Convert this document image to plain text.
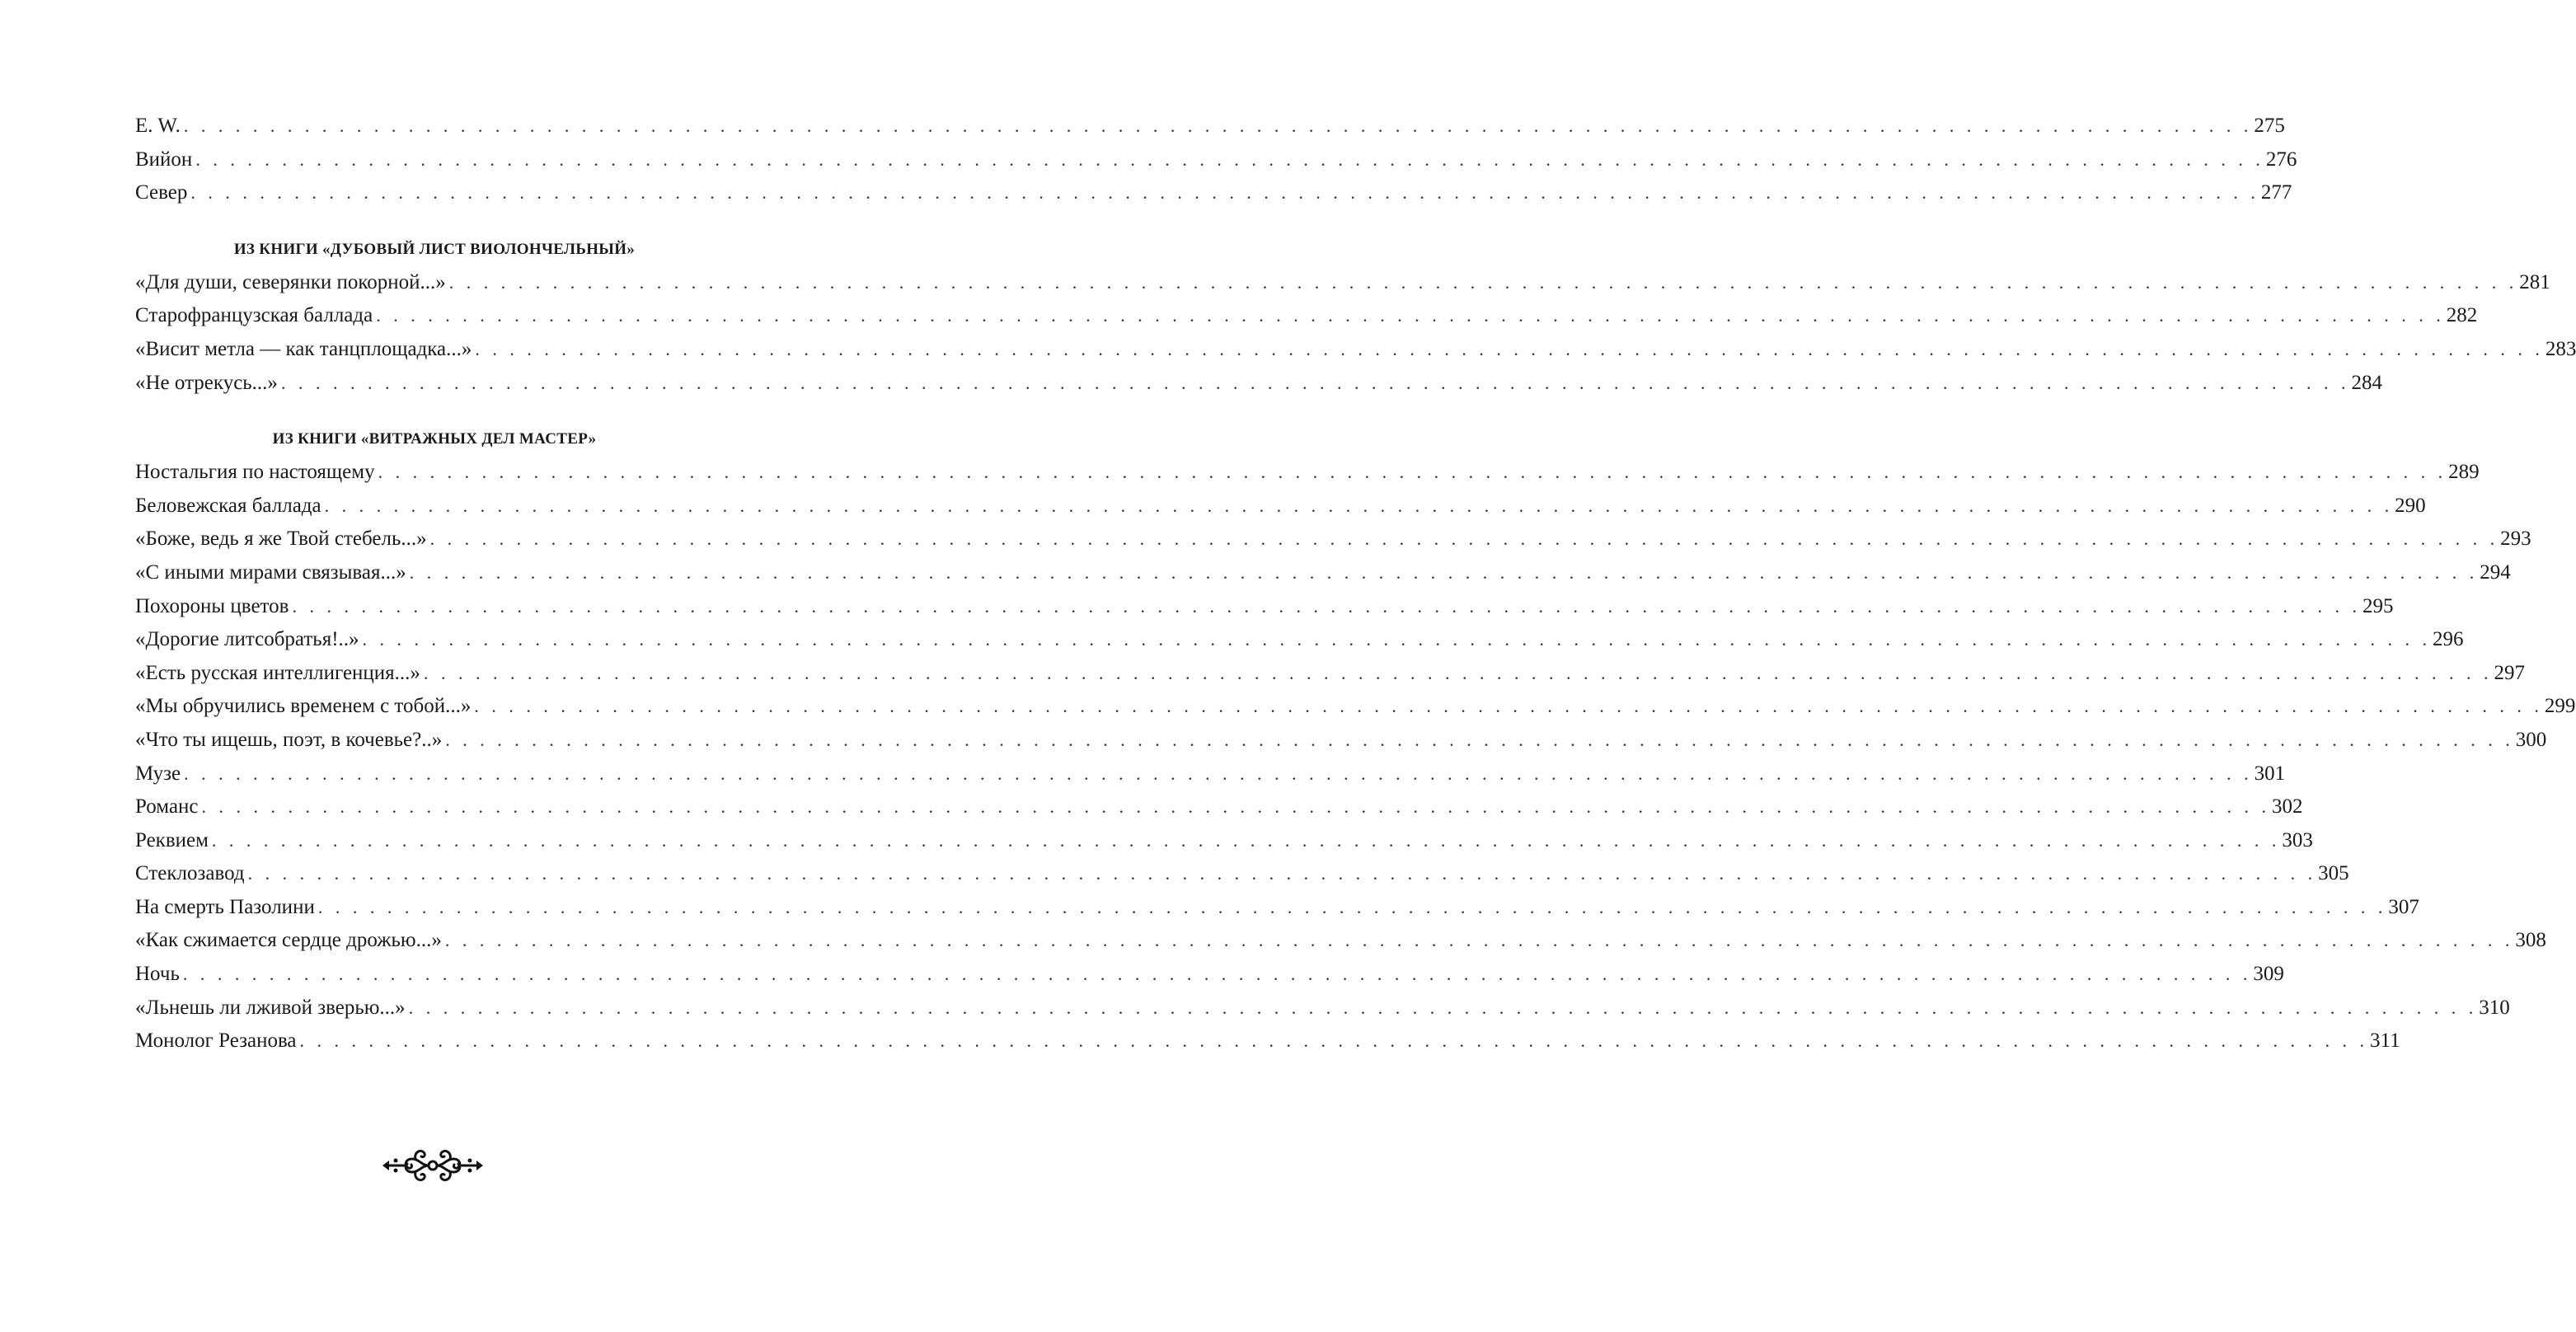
E. W. . . . . . . . . . . . . . . . . . . . . . . . . . . . . . . . . . . . . . . . . . . . . . . . . . . . . . . . . . . . . . . . . . . . . . . . . . . . . . . . . . . . . . . . . . . . . . . . . . . . . . . . . . . . . . . . . . . . . . . . . 275
Вийон . . . . . . . . . . . . . . . . . . . . . . . . . . . . . . . . . . . . . . . . . . . . . . . . . . . . . . . . . . . . . . . . . . . . . . . . . . . . . . . . . . . . . . . . . . . . . . . . . . . . . . . . . . . . . . . . . . . . . . . . 276
Север . . . . . . . . . . . . . . . . . . . . . . . . . . . . . . . . . . . . . . . . . . . . . . . . . . . . . . . . . . . . . . . . . . . . . . . . . . . . . . . . . . . . . . . . . . . . . . . . . . . . . . . . . . . . . . . . . . . . . . . . 277
ИЗ КНИГИ «ДУБОВЫЙ ЛИСТ ВИОЛОНЧЕЛЬНЫЙ»
«Для души, северянки покорной...» . . . . . . . . . . . . . . . . . . . . . . . . . . . . . . . . . . . . . . . . . . . . . . . . . . . . . . . . . . . . . . . . . . . . . . . . . . . . . . . . . . . . . . . . . . . . . . . . . . . . . . . . . . . . . . . . . . . . . . . . 281
Старофранцузская баллада . . . . . . . . . . . . . . . . . . . . . . . . . . . . . . . . . . . . . . . . . . . . . . . . . . . . . . . . . . . . . . . . . . . . . . . . . . . . . . . . . . . . . . . . . . . . . . . . . . . . . . . . . . . . . . . . . . . . . . . . 282
«Висит метла — как танцплощадка...» . . . . . . . . . . . . . . . . . . . . . . . . . . . . . . . . . . . . . . . . . . . . . . . . . . . . . . . . . . . . . . . . . . . . . . . . . . . . . . . . . . . . . . . . . . . . . . . . . . . . . . . . . . . . . . . . . . . . . . . . 283
«Не отрекусь...» . . . . . . . . . . . . . . . . . . . . . . . . . . . . . . . . . . . . . . . . . . . . . . . . . . . . . . . . . . . . . . . . . . . . . . . . . . . . . . . . . . . . . . . . . . . . . . . . . . . . . . . . . . . . . . . . . . . . . . . . 284
ИЗ КНИГИ «ВИТРАЖНЫХ ДЕЛ МАСТЕР»
Ностальгия по настоящему . . . . . . . . . . . . . . . . . . . . . . . . . . . . . . . . . . . . . . . . . . . . . . . . . . . . . . . . . . . . . . . . . . . . . . . . . . . . . . . . . . . . . . . . . . . . . . . . . . . . . . . . . . . . . . . . . . . . . . . . 289
Беловежская баллада . . . . . . . . . . . . . . . . . . . . . . . . . . . . . . . . . . . . . . . . . . . . . . . . . . . . . . . . . . . . . . . . . . . . . . . . . . . . . . . . . . . . . . . . . . . . . . . . . . . . . . . . . . . . . . . . . . . . . . . . 290
«Боже, ведь я же Твой стебель...» . . . . . . . . . . . . . . . . . . . . . . . . . . . . . . . . . . . . . . . . . . . . . . . . . . . . . . . . . . . . . . . . . . . . . . . . . . . . . . . . . . . . . . . . . . . . . . . . . . . . . . . . . . . . . . . . . . . . . . . . 293
«С иными мирами связывая...» . . . . . . . . . . . . . . . . . . . . . . . . . . . . . . . . . . . . . . . . . . . . . . . . . . . . . . . . . . . . . . . . . . . . . . . . . . . . . . . . . . . . . . . . . . . . . . . . . . . . . . . . . . . . . . . . . . . . . . . . 294
Похороны цветов . . . . . . . . . . . . . . . . . . . . . . . . . . . . . . . . . . . . . . . . . . . . . . . . . . . . . . . . . . . . . . . . . . . . . . . . . . . . . . . . . . . . . . . . . . . . . . . . . . . . . . . . . . . . . . . . . . . . . . . . 295
«Дорогие литсобратья!..» . . . . . . . . . . . . . . . . . . . . . . . . . . . . . . . . . . . . . . . . . . . . . . . . . . . . . . . . . . . . . . . . . . . . . . . . . . . . . . . . . . . . . . . . . . . . . . . . . . . . . . . . . . . . . . . . . . . . . . . . 296
«Есть русская интеллигенция...» . . . . . . . . . . . . . . . . . . . . . . . . . . . . . . . . . . . . . . . . . . . . . . . . . . . . . . . . . . . . . . . . . . . . . . . . . . . . . . . . . . . . . . . . . . . . . . . . . . . . . . . . . . . . . . . . . . . . . . . . 297
«Мы обручились временем с тобой...» . . . . . . . . . . . . . . . . . . . . . . . . . . . . . . . . . . . . . . . . . . . . . . . . . . . . . . . . . . . . . . . . . . . . . . . . . . . . . . . . . . . . . . . . . . . . . . . . . . . . . . . . . . . . . . . . . . . . . . . . 299
«Что ты ищешь, поэт, в кочевье?..» . . . . . . . . . . . . . . . . . . . . . . . . . . . . . . . . . . . . . . . . . . . . . . . . . . . . . . . . . . . . . . . . . . . . . . . . . . . . . . . . . . . . . . . . . . . . . . . . . . . . . . . . . . . . . . . . . . . . . . . . 300
Музе . . . . . . . . . . . . . . . . . . . . . . . . . . . . . . . . . . . . . . . . . . . . . . . . . . . . . . . . . . . . . . . . . . . . . . . . . . . . . . . . . . . . . . . . . . . . . . . . . . . . . . . . . . . . . . . . . . . . . . . . 301
Романс . . . . . . . . . . . . . . . . . . . . . . . . . . . . . . . . . . . . . . . . . . . . . . . . . . . . . . . . . . . . . . . . . . . . . . . . . . . . . . . . . . . . . . . . . . . . . . . . . . . . . . . . . . . . . . . . . . . . . . . . 302
Реквием . . . . . . . . . . . . . . . . . . . . . . . . . . . . . . . . . . . . . . . . . . . . . . . . . . . . . . . . . . . . . . . . . . . . . . . . . . . . . . . . . . . . . . . . . . . . . . . . . . . . . . . . . . . . . . . . . . . . . . . . 303
Стеклозавод . . . . . . . . . . . . . . . . . . . . . . . . . . . . . . . . . . . . . . . . . . . . . . . . . . . . . . . . . . . . . . . . . . . . . . . . . . . . . . . . . . . . . . . . . . . . . . . . . . . . . . . . . . . . . . . . . . . . . . . . 305
На смерть Пазолини . . . . . . . . . . . . . . . . . . . . . . . . . . . . . . . . . . . . . . . . . . . . . . . . . . . . . . . . . . . . . . . . . . . . . . . . . . . . . . . . . . . . . . . . . . . . . . . . . . . . . . . . . . . . . . . . . . . . . . . . 307
«Как сжимается сердце дрожью...» . . . . . . . . . . . . . . . . . . . . . . . . . . . . . . . . . . . . . . . . . . . . . . . . . . . . . . . . . . . . . . . . . . . . . . . . . . . . . . . . . . . . . . . . . . . . . . . . . . . . . . . . . . . . . . . . . . . . . . . . 308
Ночь . . . . . . . . . . . . . . . . . . . . . . . . . . . . . . . . . . . . . . . . . . . . . . . . . . . . . . . . . . . . . . . . . . . . . . . . . . . . . . . . . . . . . . . . . . . . . . . . . . . . . . . . . . . . . . . . . . . . . . . . 309
«Льнешь ли лживой зверью...» . . . . . . . . . . . . . . . . . . . . . . . . . . . . . . . . . . . . . . . . . . . . . . . . . . . . . . . . . . . . . . . . . . . . . . . . . . . . . . . . . . . . . . . . . . . . . . . . . . . . . . . . . . . . . . . . . . . . . . . . 310
Монолог Резанова . . . . . . . . . . . . . . . . . . . . . . . . . . . . . . . . . . . . . . . . . . . . . . . . . . . . . . . . . . . . . . . . . . . . . . . . . . . . . . . . . . . . . . . . . . . . . . . . . . . . . . . . . . . . . . . . . . . . . . . . 311
